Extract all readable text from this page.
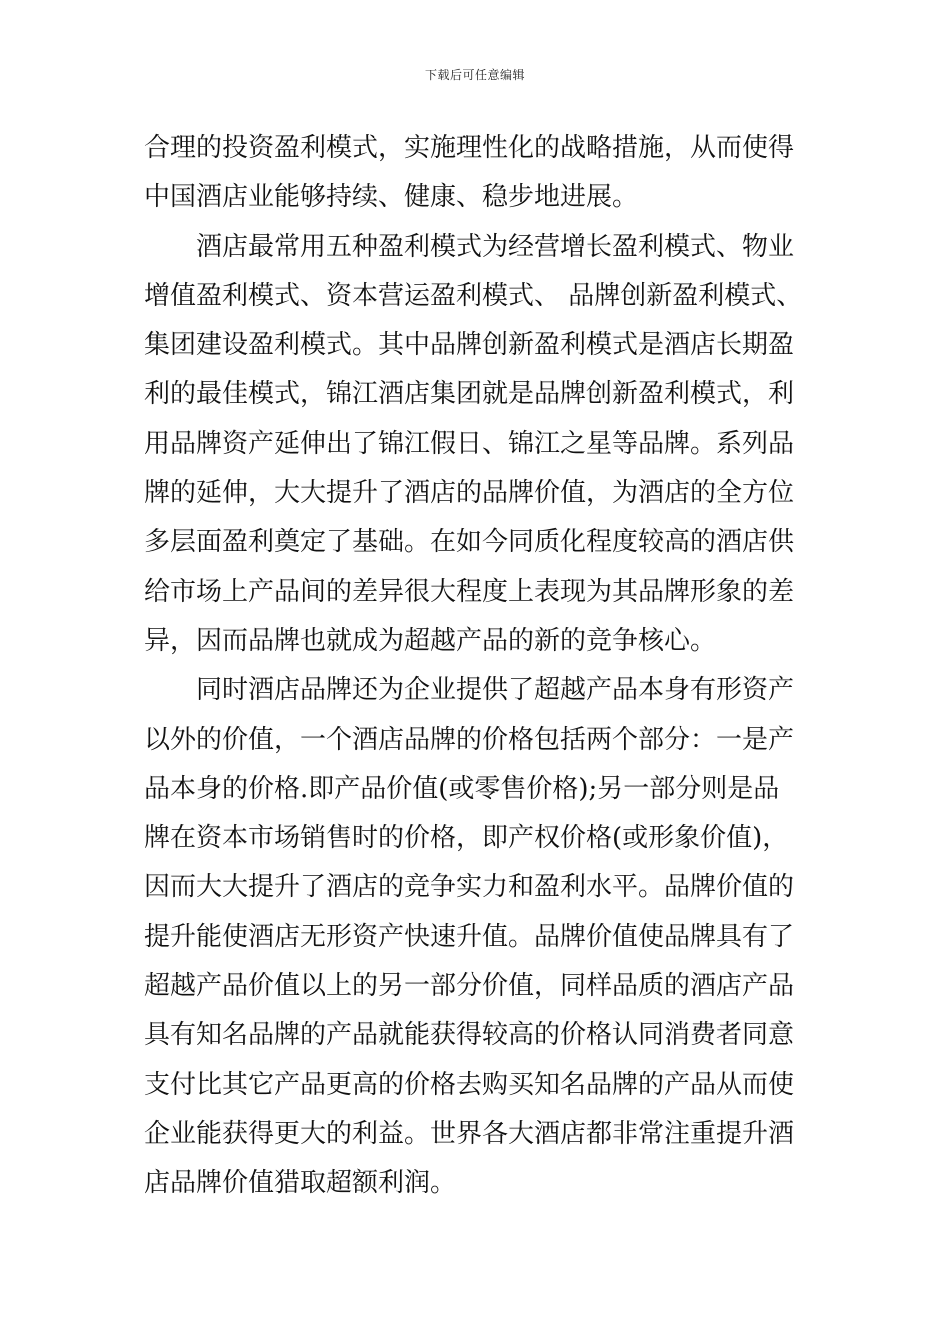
下载后可任意编辑
合理的投资盈利模式，实施理性化的战略措施，从而使得
中国酒店业能够持续、健康、稳步地进展。
　　酒店最常用五种盈利模式为经营增长盈利模式、物业
增值盈利模式、资本营运盈利模式、 品牌创新盈利模式、
集团建设盈利模式。其中品牌创新盈利模式是酒店长期盈
利的最佳模式，锦江酒店集团就是品牌创新盈利模式，利
用品牌资产延伸出了锦江假日、锦江之星等品牌。系列品
牌的延伸，大大提升了酒店的品牌价值，为酒店的全方位
多层面盈利奠定了基础。在如今同质化程度较高的酒店供
给市场上产品间的差异很大程度上表现为其品牌形象的差
异，因而品牌也就成为超越产品的新的竞争核心。
　　同时酒店品牌还为企业提供了超越产品本身有形资产
以外的价值，一个酒店品牌的价格包括两个部分：一是产
品本身的价格.即产品价值(或零售价格);另一部分则是品
牌在资本市场销售时的价格，即产权价格(或形象价值)，
因而大大提升了酒店的竞争实力和盈利水平。品牌价值的
提升能使酒店无形资产快速升值。品牌价值使品牌具有了
超越产品价值以上的另一部分价值，同样品质的酒店产品
具有知名品牌的产品就能获得较高的价格认同消费者同意
支付比其它产品更高的价格去购买知名品牌的产品从而使
企业能获得更大的利益。世界各大酒店都非常注重提升酒
店品牌价值猎取超额利润。
